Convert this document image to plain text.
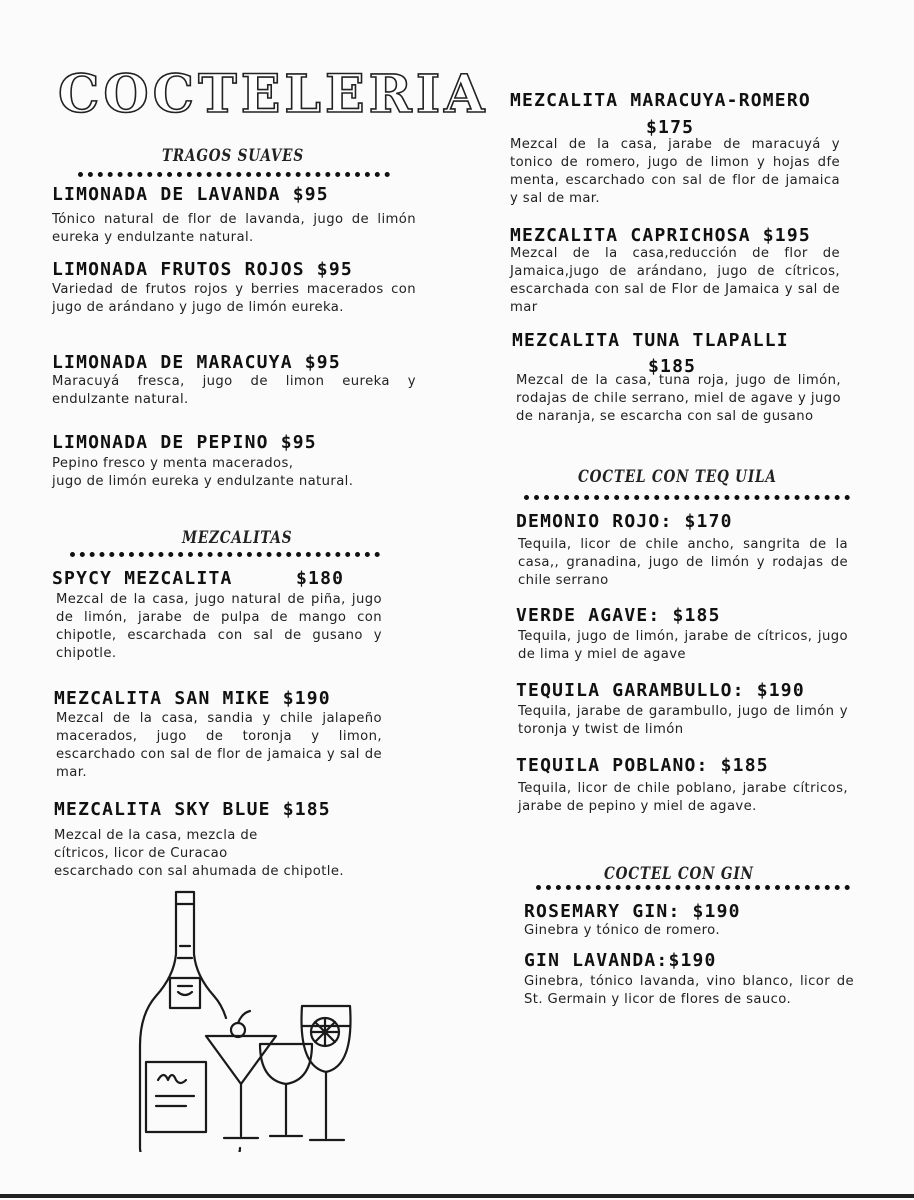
COCTELERIA
TRAGOS SUAVES
LIMONADA DE LAVANDA $95
Tónico natural de flor de lavanda, jugo de limón eureka y endulzante natural.
LIMONADA FRUTOS ROJOS $95
Variedad de frutos rojos y berries macerados con jugo de arándano y jugo de limón eureka.
LIMONADA DE MARACUYA $95
Maracuyá fresca, jugo de limon eureka y endulzante natural.
LIMONADA DE PEPINO $95
Pepino fresco y menta macerados,
jugo de limón eureka y endulzante natural.
MEZCALITAS
SPYCY MEZCALITA	$180
Mezcal de la casa, jugo natural de piña, jugo de limón, jarabe de pulpa de mango con chipotle, escarchada con sal de gusano y chipotle.
MEZCALITA SAN MIKE $190
Mezcal de la casa, sandia y chile jalapeño macerados, jugo de toronja y limon, escarchado con sal de flor de jamaica y sal de mar.
MEZCALITA SKY BLUE $185
Mezcal de la casa, mezcla de
cítricos, licor de Curacao
escarchado con sal ahumada de chipotle.
MEZCALITA MARACUYA-ROMERO
$175
Mezcal de la casa, jarabe de maracuyá y tonico de romero, jugo de limon y hojas dfe menta, escarchado con sal de flor de jamaica y sal de mar.
MEZCALITA CAPRICHOSA $195
Mezcal de la casa,reducción de flor de Jamaica,jugo de arándano, jugo de cítricos, escarchada con sal de Flor de Jamaica y sal de mar
MEZCALITA TUNA TLAPALLI
$185
Mezcal de la casa, tuna roja, jugo de limón, rodajas de chile serrano, miel de agave y jugo de naranja, se escarcha con sal de gusano
COCTEL CON TEQ UILA
DEMONIO ROJO: $170
Tequila, licor de chile ancho, sangrita de la casa,, granadina, jugo de limón y rodajas de chile serrano
VERDE AGAVE: $185
Tequila, jugo de limón, jarabe de cítricos, jugo de lima y miel de agave
TEQUILA GARAMBULLO: $190
Tequila, jarabe de garambullo, jugo de limón y toronja y twist de limón
TEQUILA POBLANO: $185
Tequila, licor de chile poblano, jarabe cítricos, jarabe de pepino y miel de agave.
COCTEL CON GIN
ROSEMARY GIN: $190
Ginebra y tónico de romero.
GIN LAVANDA:$190
Ginebra, tónico lavanda, vino blanco, licor de St. Germain y licor de flores de sauco.
